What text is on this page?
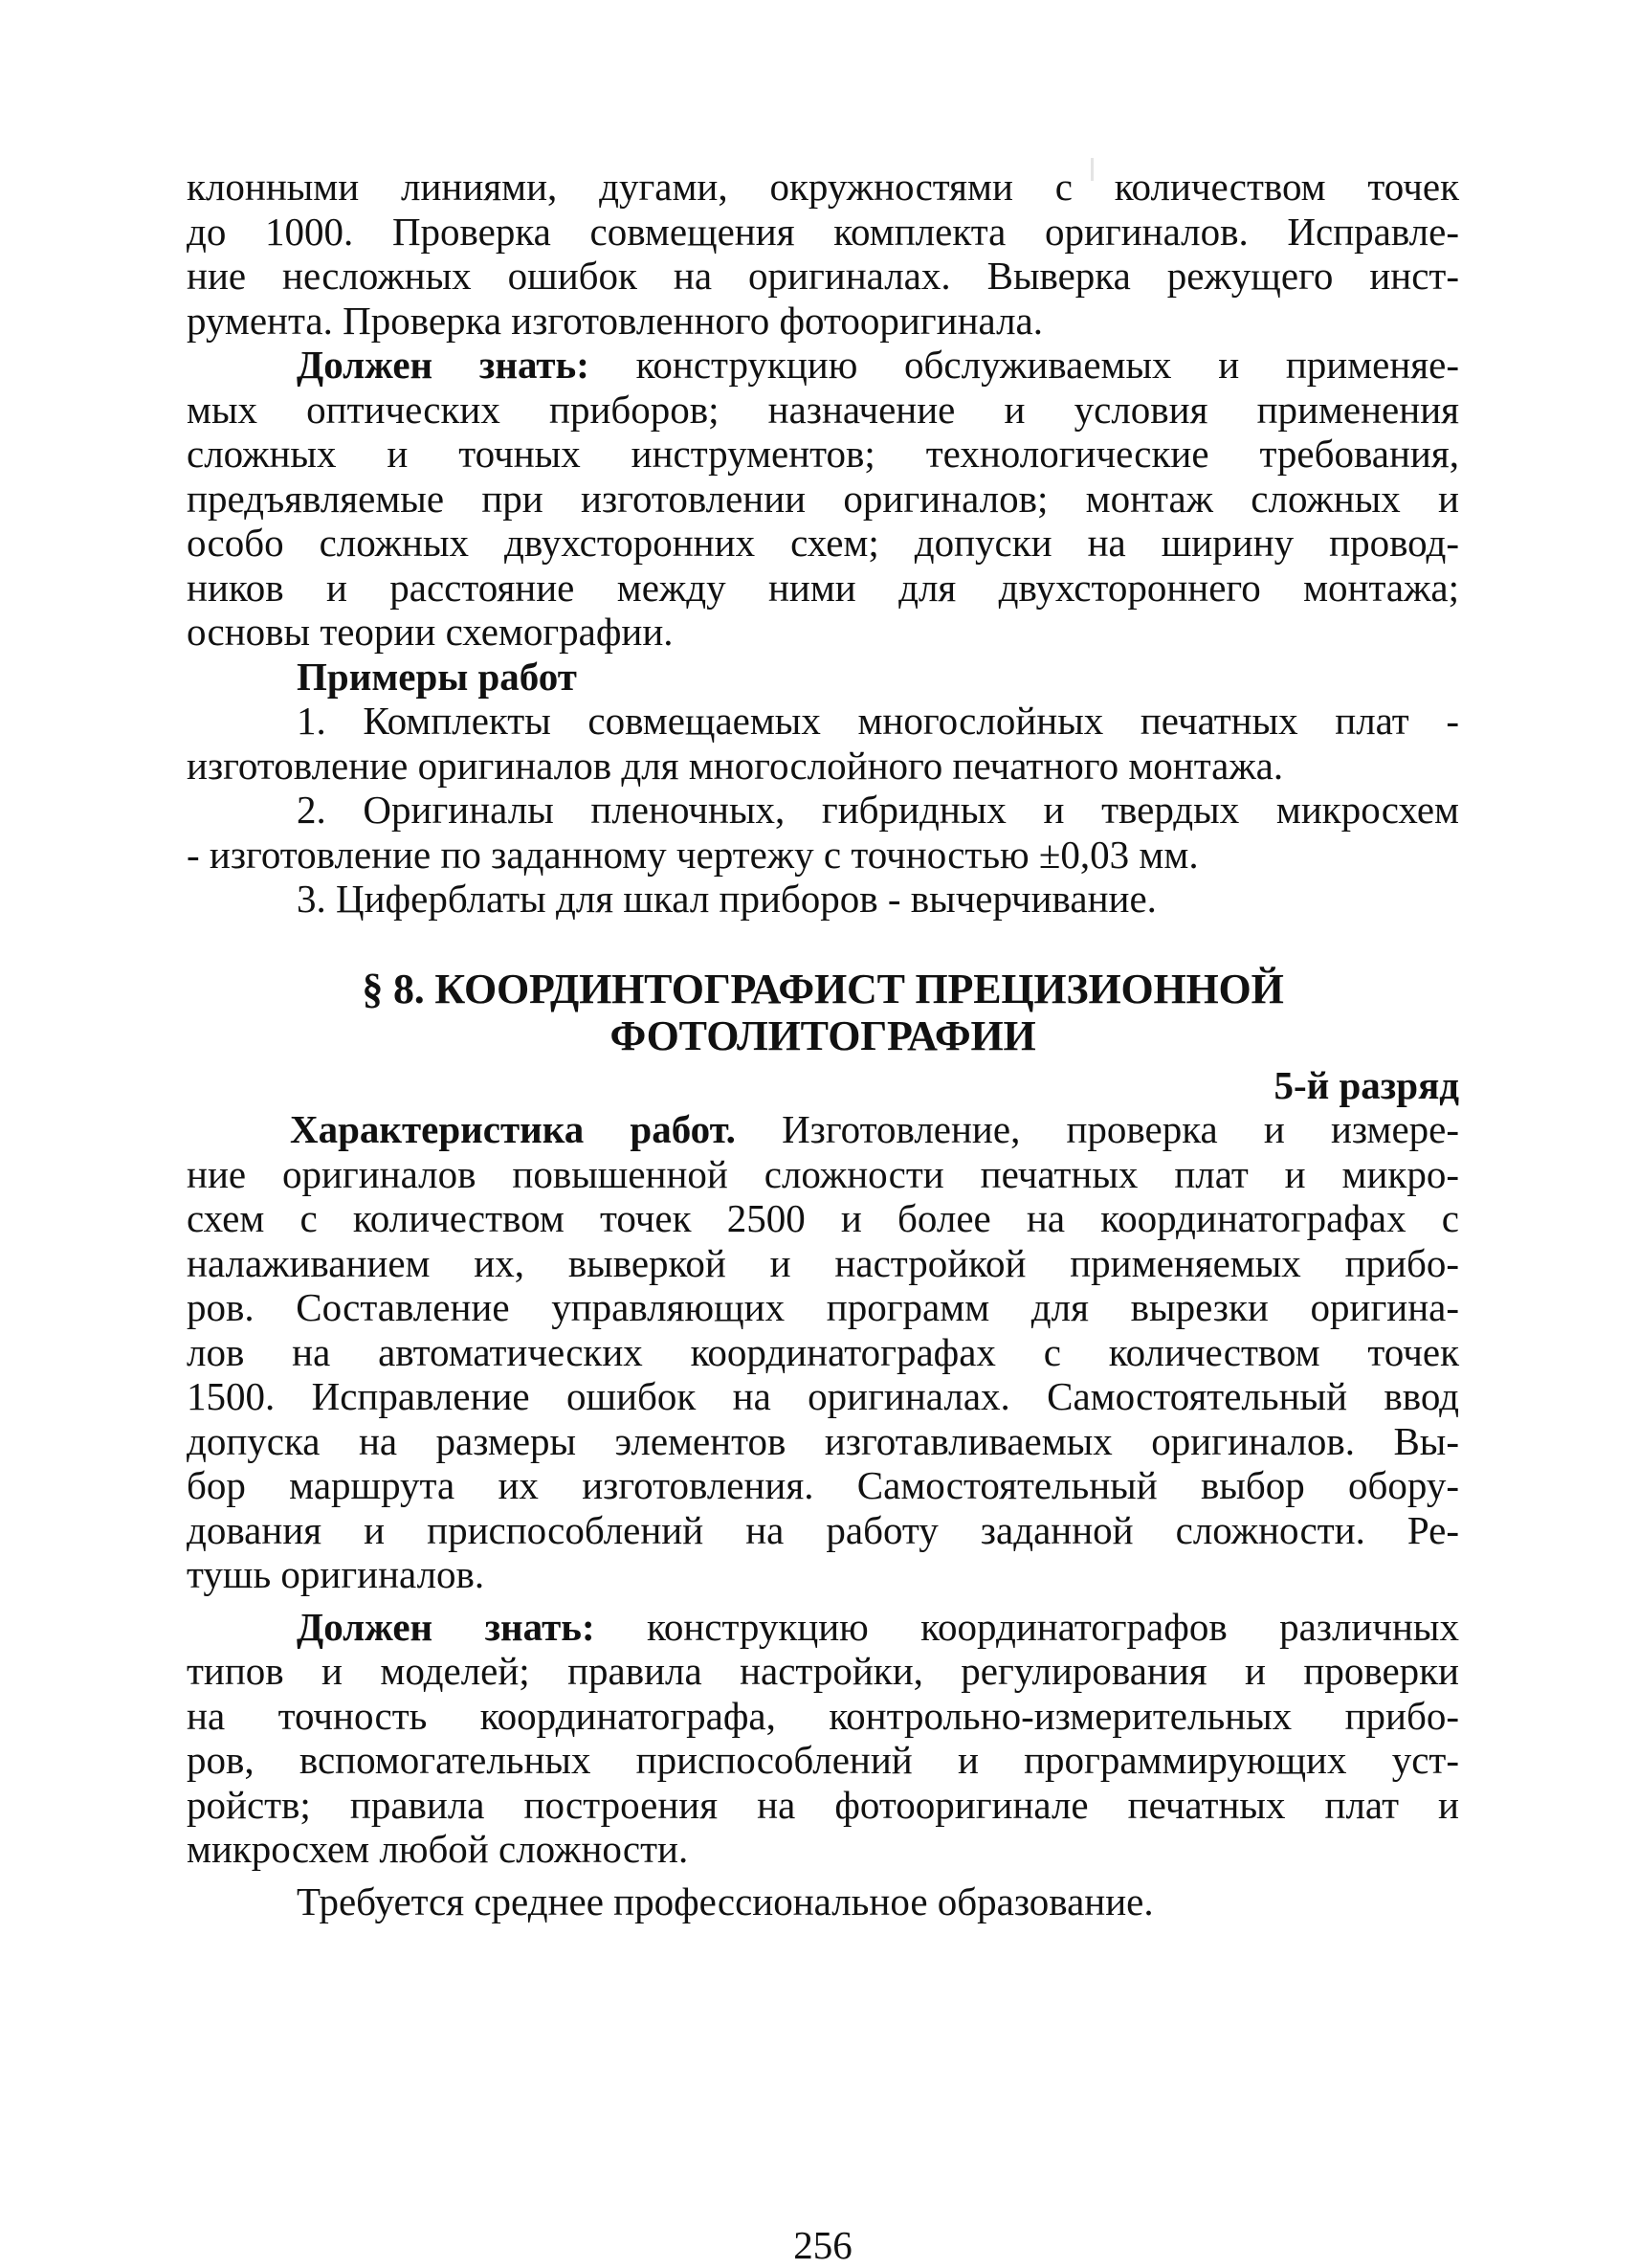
клонными линиями, дугами, окружностями с количеством точек

до 1000. Проверка совмещения комплекта оригиналов. Исправле-

ние несложных ошибок на оригиналах. Выверка режущего инст-

румента. Проверка изготовленного фотооригинала.

Должен знать: конструкцию обслуживаемых и применяе-

мых оптических приборов; назначение и условия применения

сложных и точных инструментов; технологические требования,

предъявляемые при изготовлении оригиналов; монтаж сложных и

особо сложных двухсторонних схем; допуски на ширину провод-

ников и расстояние между ними для двухстороннего монтажа;

основы теории схемографии.

Примеры работ

1. Комплекты совмещаемых многослойных печатных плат -

изготовление оригиналов для многослойного печатного монтажа.

2. Оригиналы пленочных, гибридных и твердых микросхем

- изготовление по заданному чертежу с точностью ±0,03 мм.

3. Циферблаты для шкал приборов - вычерчивание.

§ 8. КООРДИНТОГРАФИСТ ПРЕЦИЗИОННОЙ
ФОТОЛИТОГРАФИИ
5-й разряд

Характеристика работ. Изготовление, проверка и измере-

ние оригиналов повышенной сложности печатных плат и микро-

схем с количеством точек 2500 и более на координатографах с

налаживанием их, выверкой и настройкой применяемых прибо-

ров. Составление управляющих программ для вырезки оригина-

лов на автоматических координатографах с количеством точек

1500. Исправление ошибок на оригиналах. Самостоятельный ввод

допуска на размеры элементов изготавливаемых оригиналов. Вы-

бор маршрута их изготовления. Самостоятельный выбор обору-

дования и приспособлений на работу заданной сложности. Ре-

тушь оригиналов.

Должен знать: конструкцию координатографов различных

типов и моделей; правила настройки, регулирования и проверки

на точность координатографа, контрольно-измерительных прибо-

ров, вспомогательных приспособлений и программирующих уст-

ройств; правила построения на фотооригинале печатных плат и

микросхем любой сложности.

Требуется среднее профессиональное образование.

256
